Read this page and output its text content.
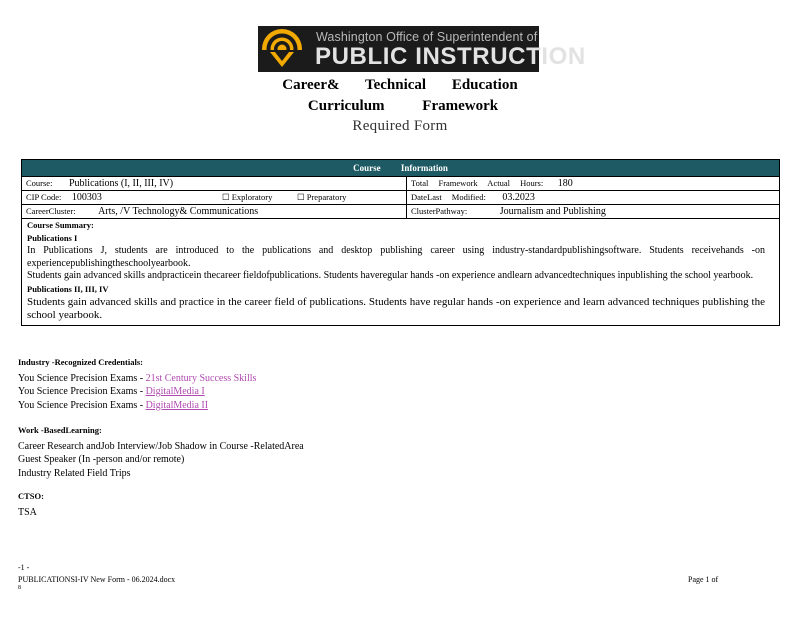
Washington Office of Superintendent of
PUBLIC INSTRUCTION
Career& Technical Education
Curriculum Framework
Required Form
Course Information
Course: Publications (I, II, III, IV)	Total Framework Actual Hours: 180
CIP Code: 100303	☐ Exploratory	☐ Preparatory	DateLast Modified: 03.2023
CareerCluster: Arts, /V Technology& Communications	ClusterPathway:	Journalism and Publishing
Course Summary:
Publications I

In Publications J, students are introduced to the publications and desktop publishing career using industry-standardpublishingsoftware. Students receivehands -on experiencepublishingtheschoolyearbook.

Students gain advanced skills andpracticein thecareer fieldofpublications. Students haveregular hands -on experience andlearn advancedtechniques inpublishing the school yearbook.

Publications II, III, IV

Students gain advanced skills and practice in the career field of publications. Students have regular hands -on experience and learn advanced techniques publishing the school yearbook.

Industry -Recognized Credentials:
You Science Precision Exams - 21st Century Success Skills
You Science Precision Exams - DigitalMedia I
You Science Precision Exams - DigitalMedia II
Work -BasedLearning:
Career Research andJob Interview/Job Shadow in Course -RelatedArea
Guest Speaker (In -person and/or remote)
Industry Related Field Trips
CTSO:
TSA
-1 -
PUBLICATIONSI-IV New Form - 06.2024.docx
8
Page 1 of
